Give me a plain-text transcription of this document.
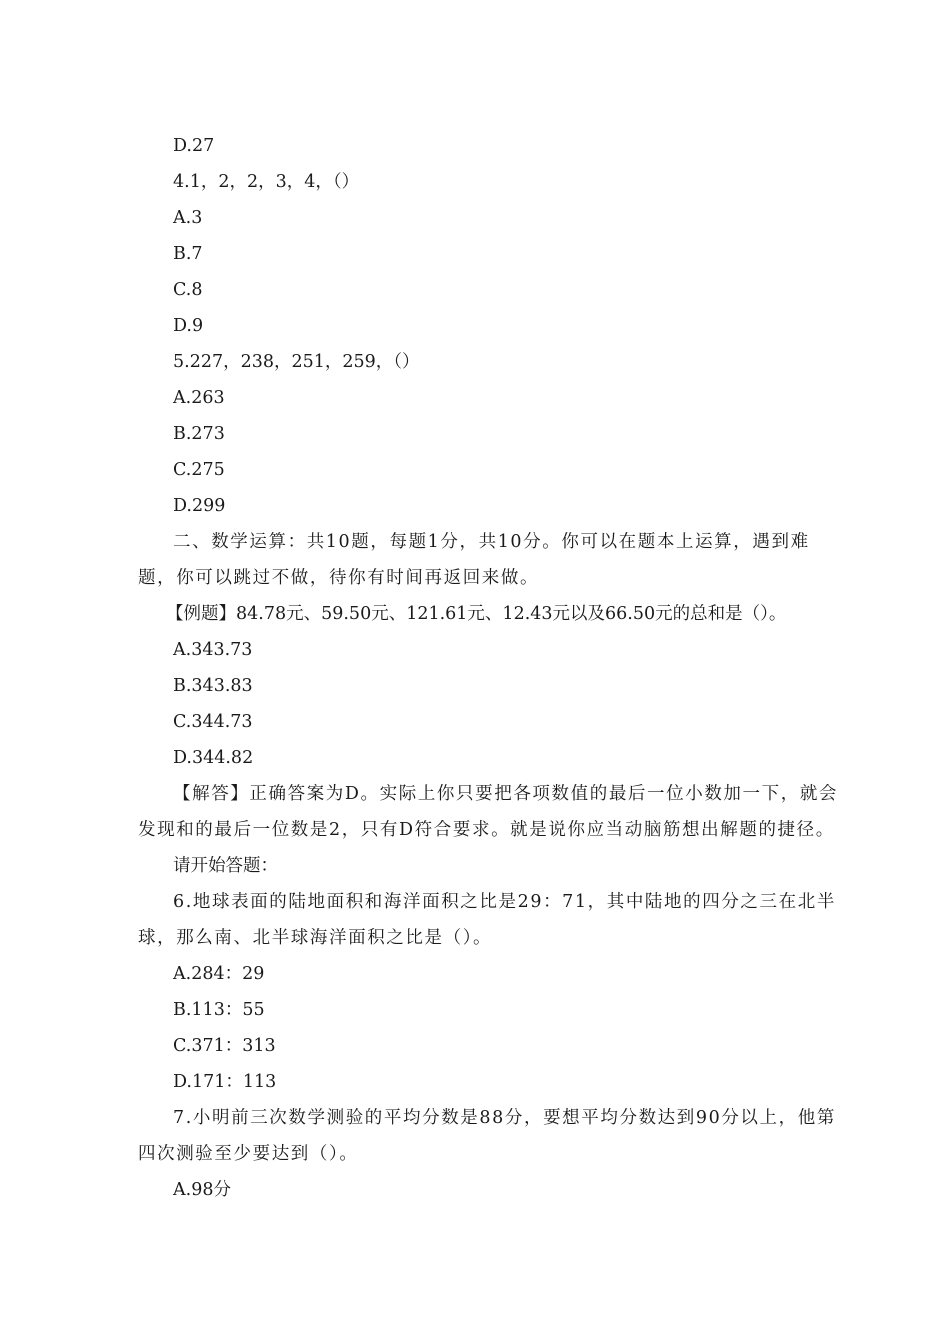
D.27
4.1，2，2，3，4，（）
A.3
B.7
C.8
D.9
5.227，238，251，259，（）
A.263
B.273
C.275
D.299

二、数学运算：共10题，每题1分，共10分。你可以在题本上运算，遇到难题，你可以跳过不做，待你有时间再返回来做。

【例题】84.78元、59.50元、121.61元、12.43元以及66.50元的总和是（）。
A.343.73
B.343.83
C.344.73
D.344.82

【解答】正确答案为D。实际上你只要把各项数值的最后一位小数加一下，就会发现和的最后一位数是2，只有D符合要求。就是说你应当动脑筋想出解题的捷径。

请开始答题：

6.地球表面的陆地面积和海洋面积之比是29：71，其中陆地的四分之三在北半球，那么南、北半球海洋面积之比是（）。

A.284：29
B.113：55
C.371：313
D.171：113

7.小明前三次数学测验的平均分数是88分，要想平均分数达到90分以上，他第四次测验至少要达到（）。

A.98分
